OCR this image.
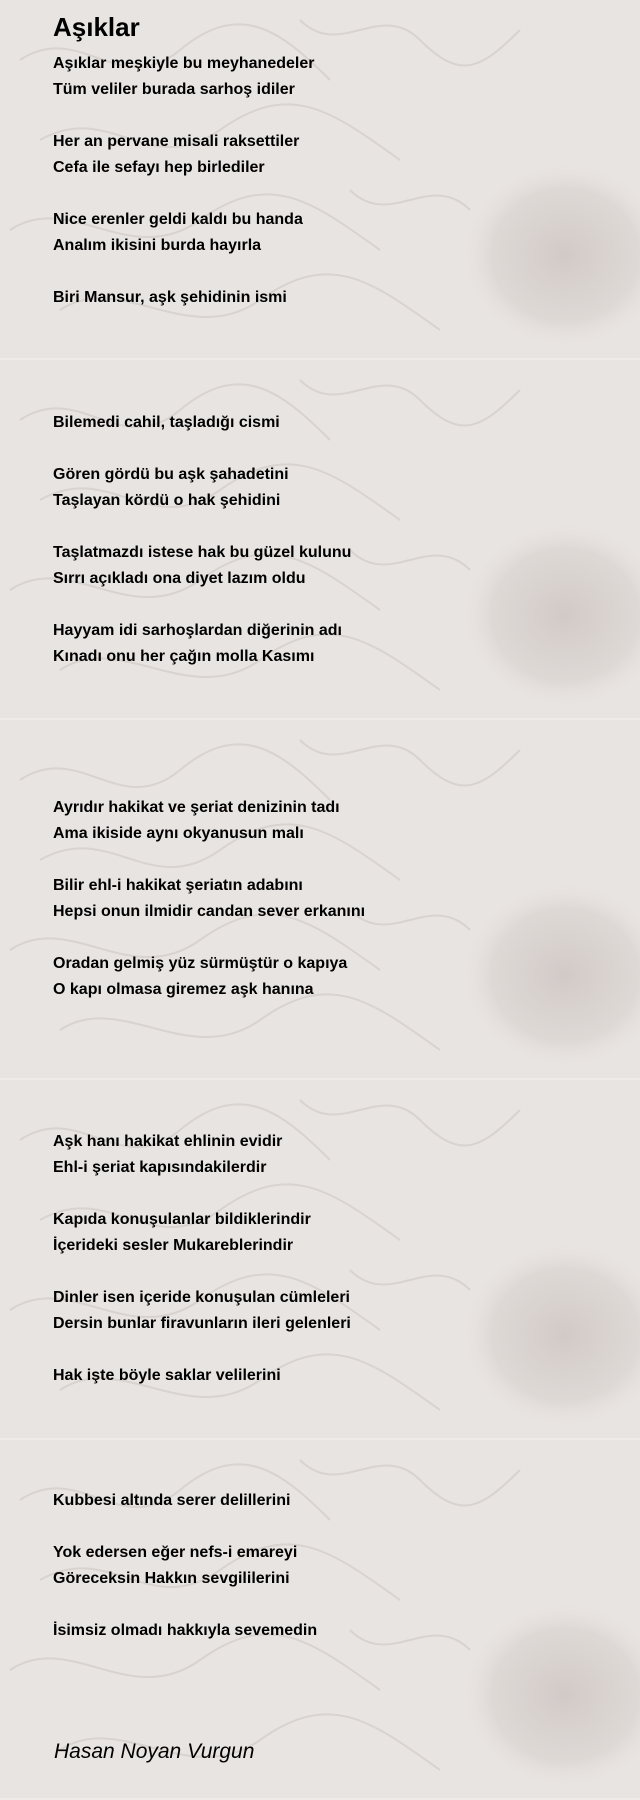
Aşıklar
Aşıklar meşkiyle bu meyhanedeler
Tüm veliler burada sarhoş idiler
Her an pervane misali raksettiler
Cefa ile sefayı hep birlediler
Nice erenler geldi kaldı bu handa
Analım ikisini burda hayırla
Biri Mansur, aşk şehidinin ismi
Bilemedi cahil, taşladığı cismi
Gören gördü bu aşk şahadetini
Taşlayan kördü o hak şehidini
Taşlatmazdı istese hak bu güzel kulunu
Sırrı açıkladı ona diyet lazım oldu
Hayyam idi sarhoşlardan diğerinin adı
Kınadı onu her çağın molla Kasımı
Ayrıdır hakikat ve şeriat denizinin tadı
Ama ikiside aynı okyanusun malı
Bilir ehl-i hakikat şeriatın adabını
Hepsi onun ilmidir candan sever erkanını
Oradan gelmiş yüz sürmüştür o kapıya
O kapı olmasa giremez aşk hanına
Aşk hanı hakikat ehlinin evidir
Ehl-i şeriat kapısındakilerdir
Kapıda konuşulanlar bildiklerindir
İçerideki sesler Mukareblerindir
Dinler isen içeride konuşulan cümleleri
Dersin bunlar firavunların ileri gelenleri
Hak işte böyle saklar velilerini
Kubbesi altında serer delillerini
Yok edersen eğer nefs-i emareyi
Göreceksin Hakkın sevgililerini
İsimsiz olmadı hakkıyla sevemedin
Hasan Noyan Vurgun
